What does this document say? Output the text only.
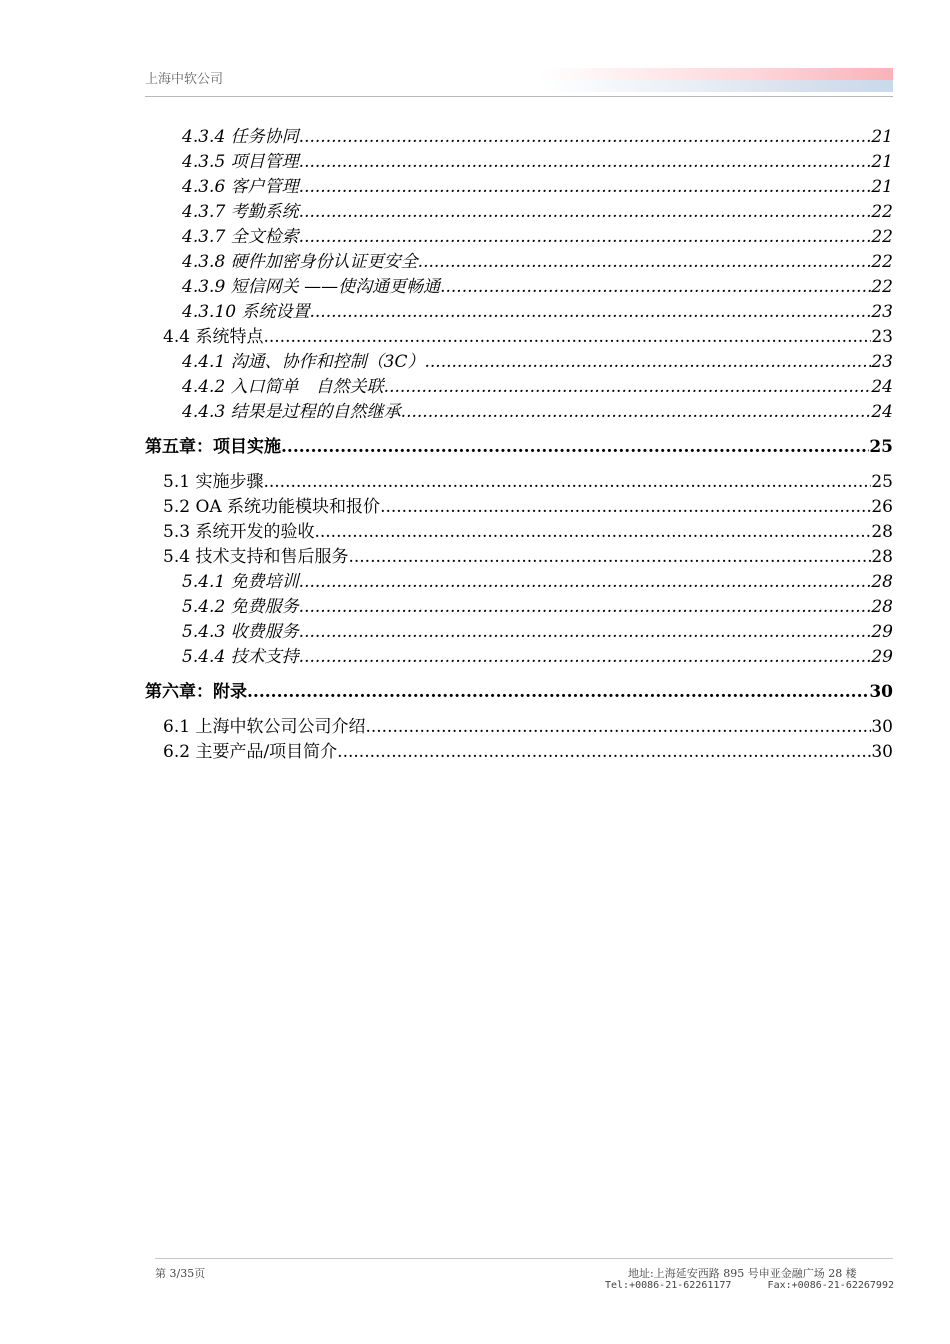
上海中软公司
4.3.4 任务协同 .....	21
4.3.5 项目管理 .....	21
4.3.6 客户管理 .....	21
4.3.7 考勤系统 .....	22
4.3.7 全文检索 .....	22
4.3.8 硬件加密身份认证更安全 .....	22
4.3.9 短信网关 ——使沟通更畅通 .....	22
4.3.10 系统设置 .....	23
4.4 系统特点 .....	23
4.4.1 沟通、协作和控制（3C） .....	23
4.4.2 入口简单　自然关联 .....	24
4.4.3 结果是过程的自然继承 .....	24
第五章：项目实施 .....	25
5.1 实施步骤 .....	25
5.2 OA 系统功能模块和报价 .....	26
5.3 系统开发的验收 .....	28
5.4 技术支持和售后服务 .....	28
5.4.1 免费培训 .....	28
5.4.2 免费服务 .....	28
5.4.3 收费服务 .....	29
5.4.4 技术支持 .....	29
第六章：附录 .....	30
6.1 上海中软公司公司介绍 .....	30
6.2 主要产品/项目简介 .....	30
第 3/35页	地址:上海延安西路 895 号申亚金融广场 28 楼
Tel:+0086-21-62261177      Fax:+0086-21-62267992
